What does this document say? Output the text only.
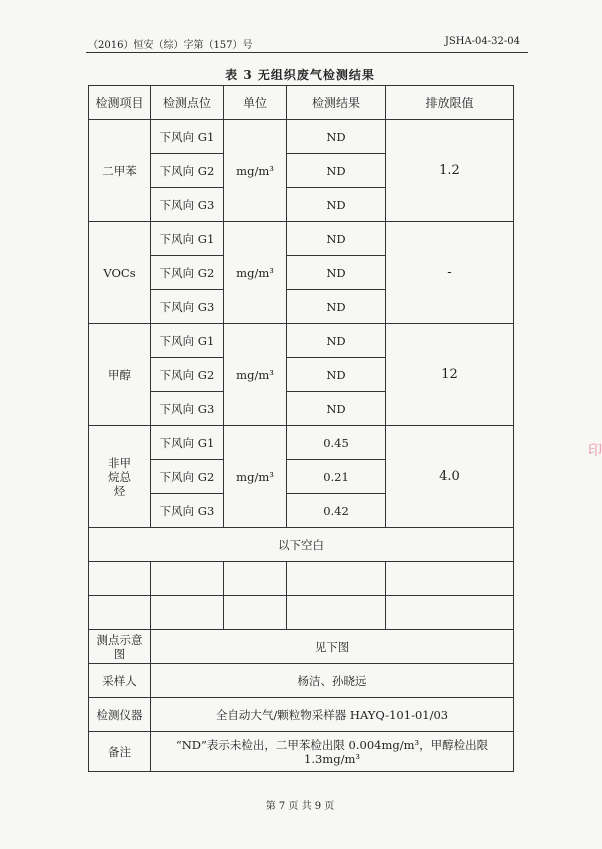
（2016）恒安（综）字第（157）号	JSHA-04-32-04
表 3 无组织废气检测结果
检测项目	检测点位	单位	检测结果	排放限值
二甲苯	下风向 G1	mg/m³	ND	1.2
	下风向 G2		ND	
	下风向 G3		ND	
VOCs	下风向 G1	mg/m³	ND	-
	下风向 G2		ND	
	下风向 G3		ND	
甲醇	下风向 G1	mg/m³	ND	12
	下风向 G2		ND	
	下风向 G3		ND	
非甲烷总烃	下风向 G1	mg/m³	0.45	4.0
	下风向 G2		0.21	
	下风向 G3		0.42	
以下空白				

测点示意图	见下图			
采样人	杨洁、孙晓远			
检测仪器	全自动大气/颗粒物采样器 HAYQ-101-01/03			
备注	“ND”表示未检出，二甲苯检出限 0.004mg/m³，甲醇检出限 1.3mg/m³			
第 7 页 共 9 页
印
